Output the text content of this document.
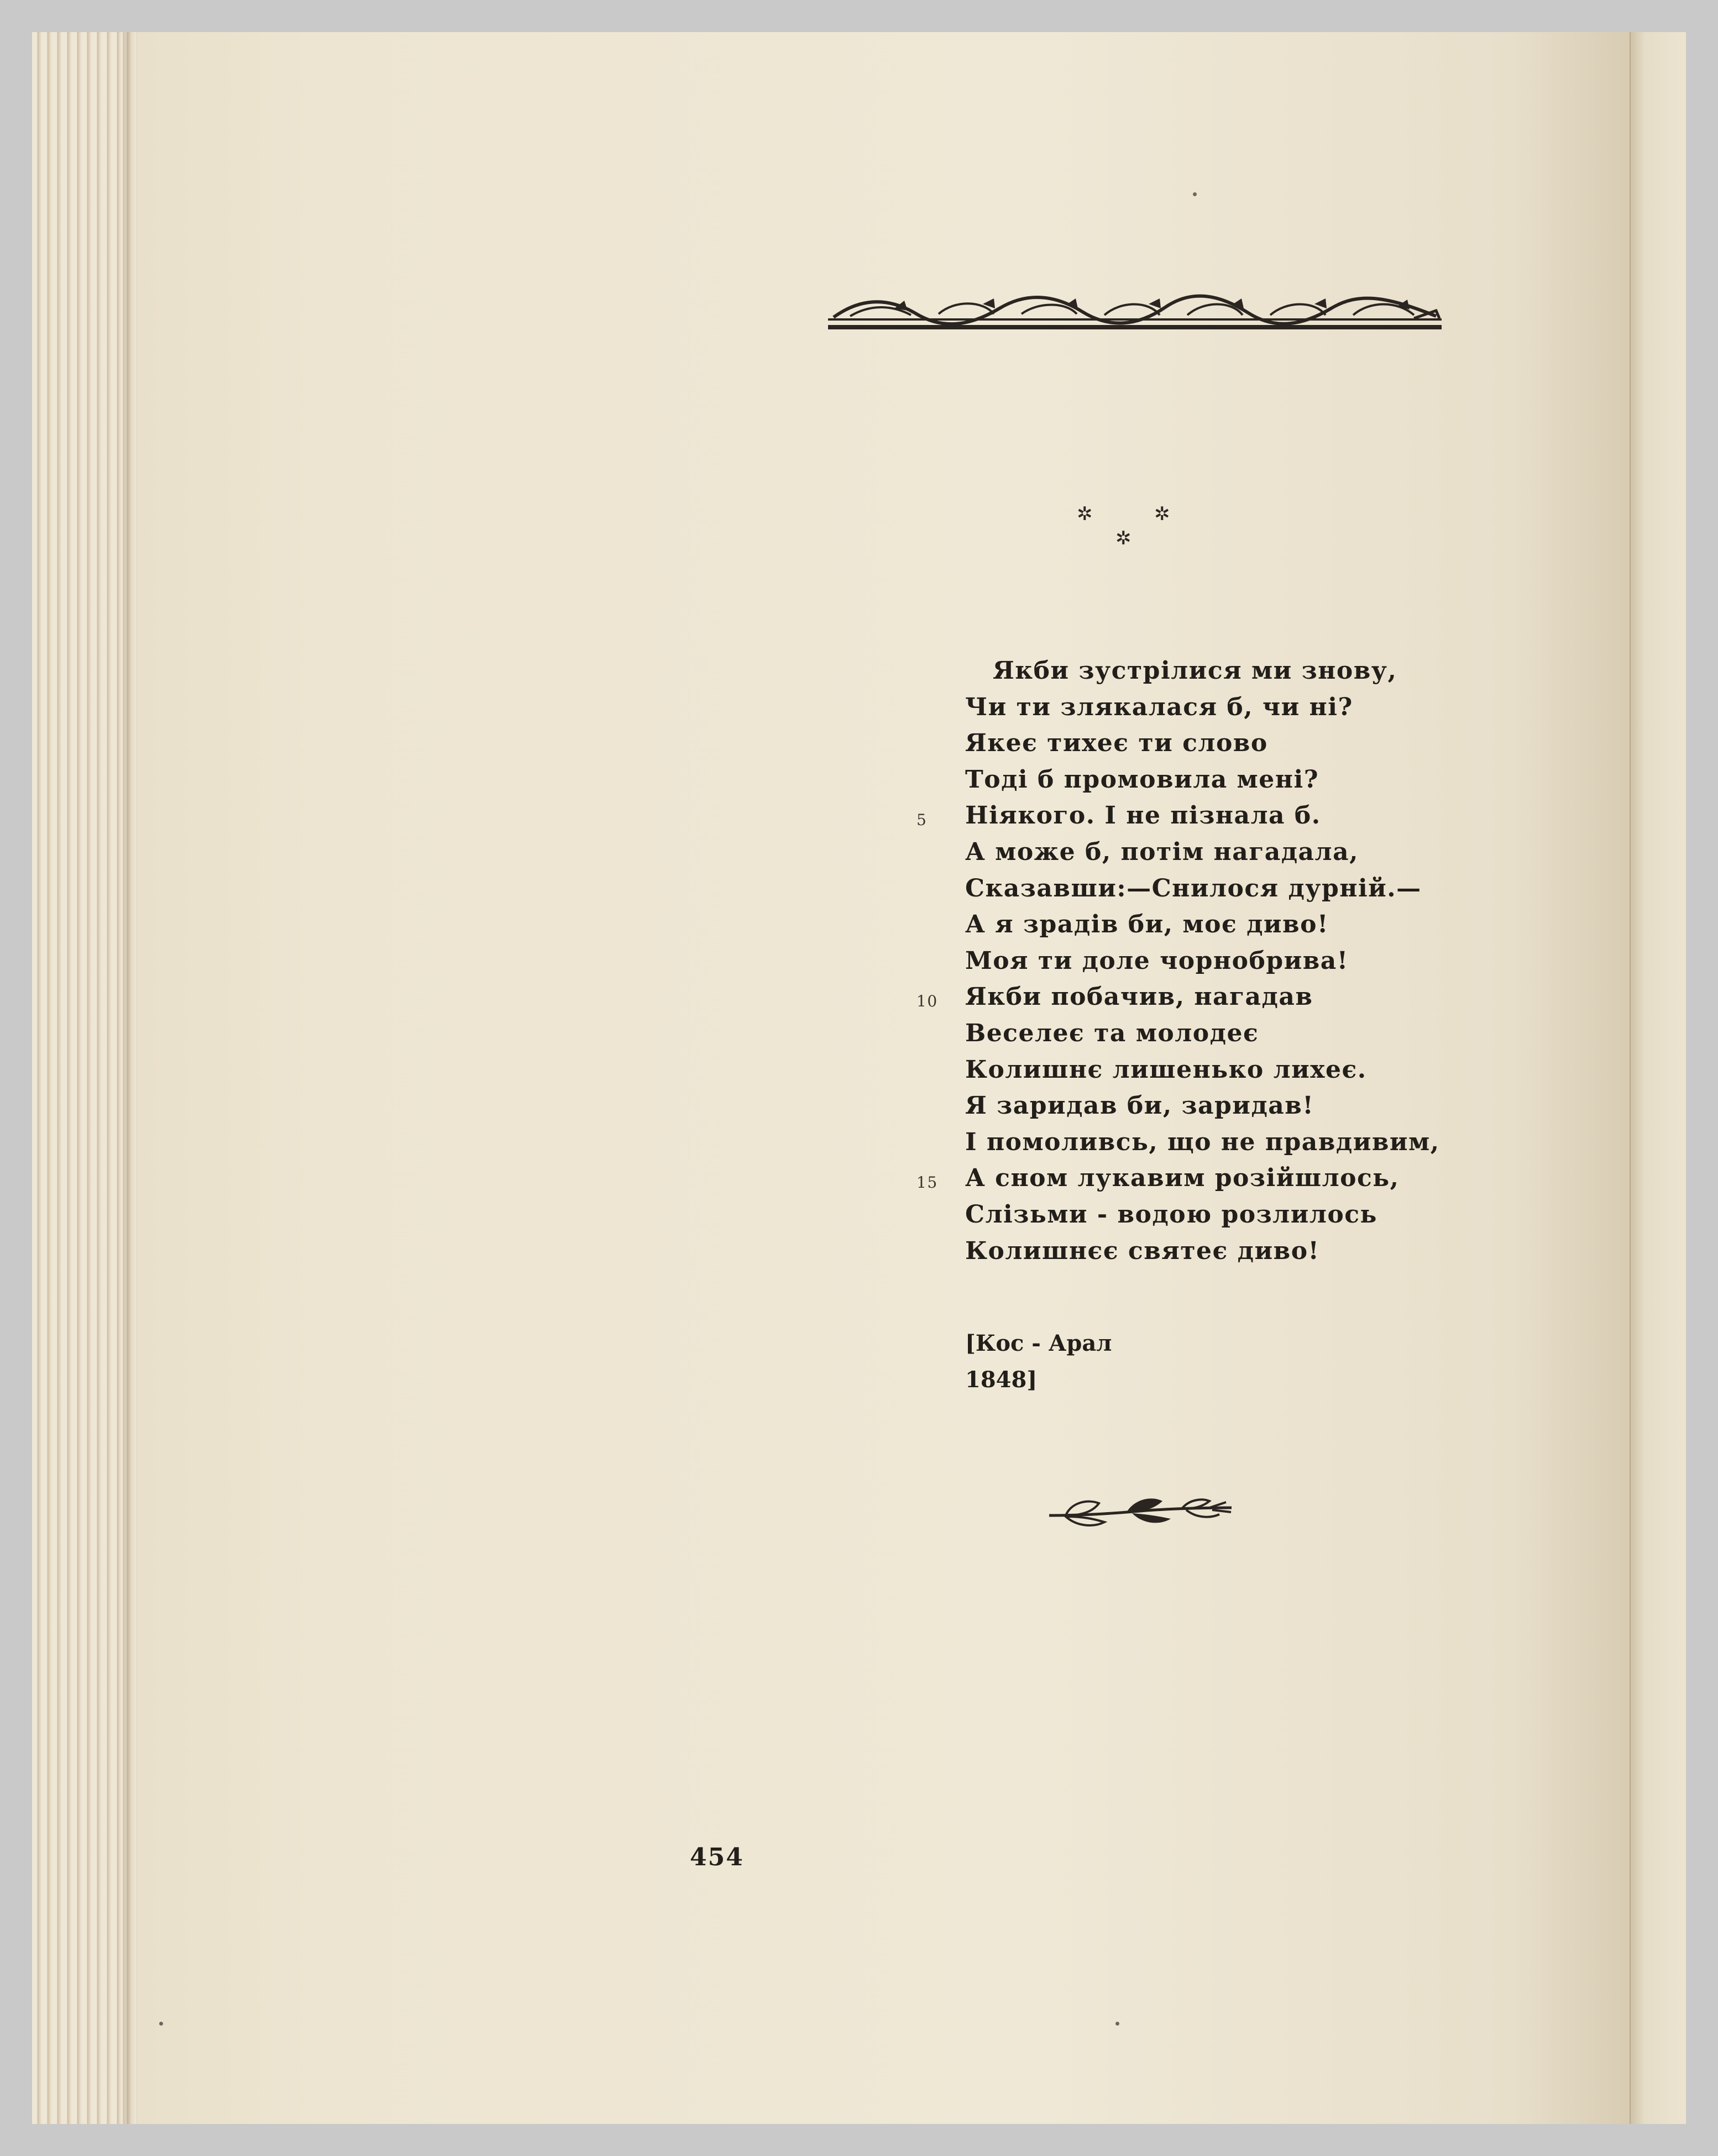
✲	✲
✲
Якби зустрілися ми знову,
Чи ти злякалася б, чи ні?
Якеє тихеє ти слово
Тоді б промовила мені?
5	Ніякого. І не пізнала б.
А може б, потім нагадала,
Сказавши:—Снилося дурній.—
А я зрадів би, моє диво!
Моя ти доле чорнобрива!
10	Якби побачив, нагадав
Веселеє та молодеє
Колишнє лишенько лихеє.
Я заридав би, заридав!
І помоливсь, що не правдивим,
15	А сном лукавим розійшлось,
Слізьми - водою розлилось
Колишнєє святеє диво!
[Кос - Арал
1848]
454
